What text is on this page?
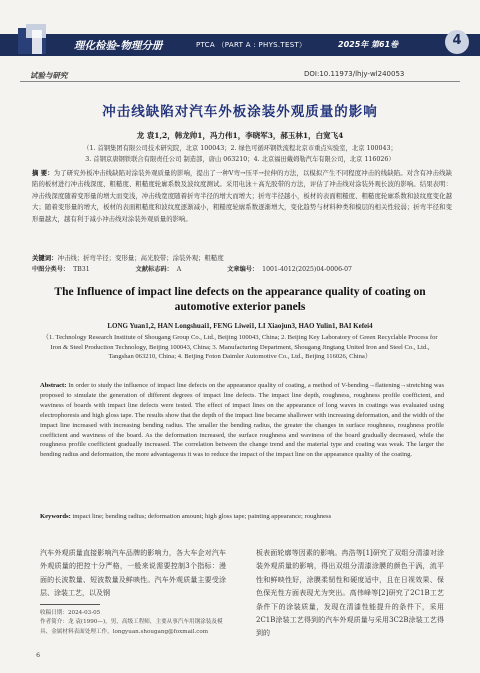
理化检验-物理分册	PTCA （PART A : PHYS.TEST）	2025年 第61卷	4
试验与研究	DOI:10.11973/lhjy-wl240053
冲击线缺陷对汽车外板涂装外观质量的影响
龙 袁1,2，韩龙帅1，冯力伟1，李晓军3，郝玉林1，白宽飞4
（1. 首钢集团有限公司技术研究院，北京 100043；2. 绿色可循环钢铁流程北京市重点实验室，北京 100043；
3. 首钢京唐钢铁联合有限责任公司 制造部，唐山 063210；4. 北京福田戴姆勒汽车有限公司，北京 116026）
摘 要：为了研究外板冲击线缺陷对涂装外观质量的影响，提出了一种V弯→压平→拉伸的方法，以模拟产生不同程度冲击的线缺陷。对含有冲击线缺陷的板材进行冲击线深度、粗糙度、粗糙度轮廓系数及波纹度测试。采用电泳＋高光胶带的方法，评估了冲击线对涂装外观长波的影响。结果表明：冲击线深度随着变形量的增大而变浅，冲击线宽度随着折弯半径的增大而增大；折弯半径越小，板材的表面粗糙度、粗糙度轮廓系数和波纹度变化越大；随着变形量的增大，板材的表面粗糙度和波纹度逐渐减小，粗糙度轮廓系数逐渐增大，变化趋势与材料种类和模层的相关性较弱；折弯半径和变形量越大，越有利于减小冲击线对涂装外观质量的影响。
关键词：冲击线；折弯半径；变形量；高光胶带；涂装外观；粗糙度
中图分类号： TB31	文献标志码： A	文章编号： 1001-4012(2025)04-0006-07
The Influence of impact line defects on the appearance quality of coating on automotive exterior panels
LONG Yuan1,2, HAN Longshuai1, FENG Liwei1, LI Xiaojun3, HAO Yulin1, BAI Kefei4
（1. Technology Research Institute of Shougang Group Co., Ltd., Beijing 100043, China; 2. Beijing Key Laboratory of Green Recyclable Process for Iron & Steel Production Technology, Beijing 100043, China; 3. Manufacturing Department, Shougang Jingtang United Iron and Steel Co., Ltd., Tangshan 063210, China; 4. Beijing Foton Daimler Automotive Co., Ltd., Beijing 116026, China）
Abstract: In order to study the influence of impact line defects on the appearance quality of coating, a method of V-bending→flattening→stretching was proposed to simulate the generation of different degrees of impact line defects. The impact line depth, roughness, roughness profile coefficient, and waviness of boards with impact line defects were tested. The effect of impact lines on the appearance of long waves in coatings was evaluated using electrophoresis and high gloss tape. The results show that the depth of the impact line became shallower with increasing deformation, and the width of the impact line increased with increasing bending radius. The smaller the bending radius, the greater the changes in surface roughness, roughness profile coefficient and waviness of the board. As the deformation increased, the surface roughness and waviness of the board gradually decreased, while the roughness profile coefficient gradually increased. The correlation between the change trend and the material type and coating was weak. The larger the bending radius and deformation, the more advantageous it was to reduce the impact of the impact line on the appearance quality of the coating.
Keywords: impact line; bending radius; deformation amount; high gloss tape; painting appearance; roughness
汽车外观质量直接影响汽车品牌的影响力，各大车企对汽车外观质量的把控十分严格，一般来说需要控制3个指标：漫面的长波数量、短波数量及鲜映性。汽车外观质量主要受涂层、涂装工艺，以及钢
板表面轮廓等因素的影响。冉浩等[1]研究了双组分清漆对涂装外观质量的影响，得出双组分清漆涂膜的颜色干涡，流平性和鲜映性好，涂膜柔韧性和硬度适中，且在日视效果、保色保光性方面表现尤为突出。高伟峰等[2]研究了2C1B工艺条件下的涂装质量，发现在清漆性能提升的条件下，采用2C1B涂装工艺得到的汽车外观质量与采用3C2B涂装工艺得到的
收稿日期：2024-03-05
作者简介：龙 袁(1990—)，男，高级工程师，主要从事汽车用钢涂装及模具、金属材料表面处理工作，longyuan.shougang@foxmail.com
6
